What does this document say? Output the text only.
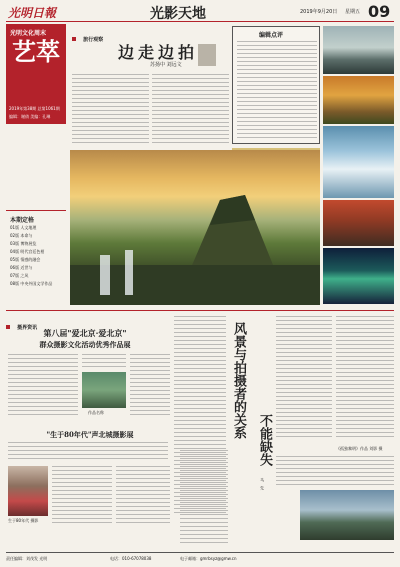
光明日報	光影天地	2019年9月20日 星期五 09
光明文化周末
艺萃
2019年第38期 总第1061期
编辑：谢倩 美编：孔琳
本期定格
01版 人文地理
02版 本命与
03版 博物展览
04版 明代宫廷色相
05版 情感的融会
06版 近世与
07版 之风
08版 中央外国文学作品
旅行观察
边走边拍
苏扬中 刘远文
编辑点评
摄界资讯 第八届"爱北京·爱北京"
群众摄影文化活动优秀作品展
作品名称
"生于80年代"声北城摄影展
生于80年代 摄影
风景与拍摄者的关系
不能缺失
马　先
《孤独黎明》作品 刘影 摄
责任编辑：刘茂发 光明	电话：010-67078038	电子邮箱：gmrbsyz@gmw.cn
